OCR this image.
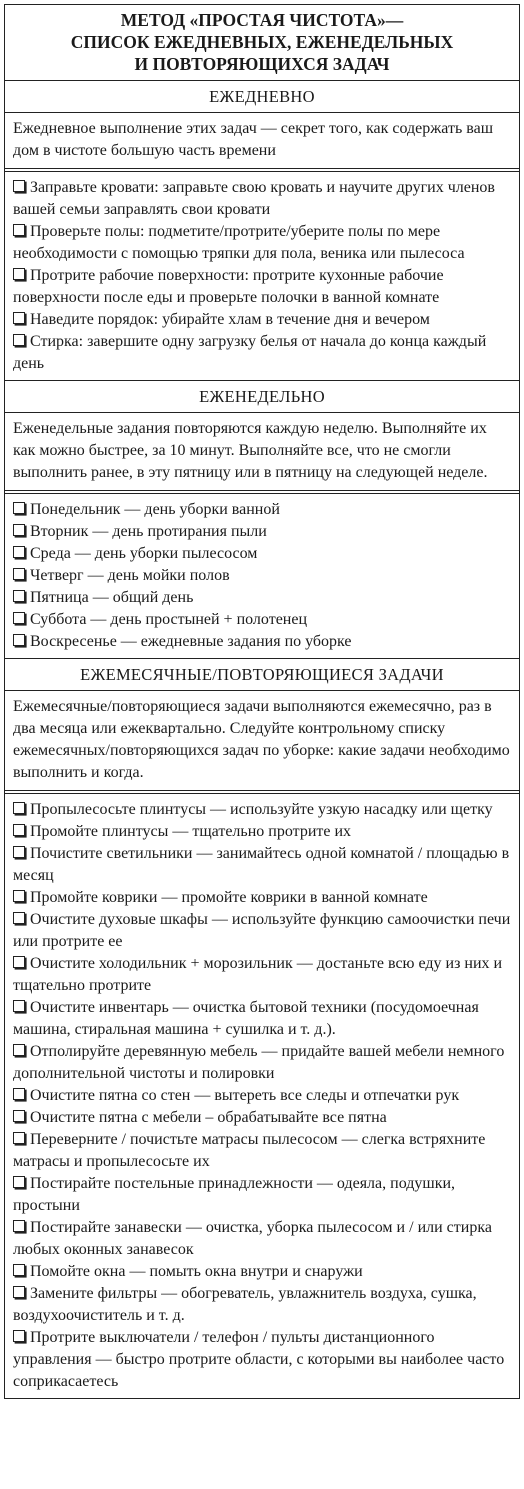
МЕТОД «ПРОСТАЯ ЧИСТОТА»—
СПИСОК ЕЖЕДНЕВНЫХ, ЕЖЕНЕДЕЛЬНЫХ
И ПОВТОРЯЮЩИХСЯ ЗАДАЧ
ЕЖЕДНЕВНО
Ежедневное выполнение этих задач — секрет того, как содержать ваш дом в чистоте большую часть времени
Заправьте кровати: заправьте свою кровать и научите других членов вашей семьи заправлять свои кровати
Проверьте полы: подметите/протрите/уберите полы по мере необходимости с помощью тряпки для пола, веника или пылесоса
Протрите рабочие поверхности: протрите кухонные рабочие поверхности после еды и проверьте полочки в ванной комнате
Наведите порядок: убирайте хлам в течение дня и вечером
Стирка: завершите одну загрузку белья от начала до конца каждый день
ЕЖЕНЕДЕЛЬНО
Еженедельные задания повторяются каждую неделю. Выполняйте их как можно быстрее, за 10 минут. Выполняйте все, что не смогли выполнить ранее, в эту пятницу или в пятницу на следующей неделе.
Понедельник — день уборки ванной
Вторник — день протирания пыли
Среда — день уборки пылесосом
Четверг — день мойки полов
Пятница — общий день
Суббота — день простыней + полотенец
Воскресенье — ежедневные задания по уборке
ЕЖЕМЕСЯЧНЫЕ/ПОВТОРЯЮЩИЕСЯ ЗАДАЧИ
Ежемесячные/повторяющиеся задачи выполняются ежемесячно, раз в два месяца или ежеквартально. Следуйте контрольному списку ежемесячных/повторяющихся задач по уборке: какие задачи необходимо выполнить и когда.
Пропылесосьте плинтусы — используйте узкую насадку или щетку
Промойте плинтусы — тщательно протрите их
Почистите светильники — занимайтесь одной комнатой / площадью в месяц
Промойте коврики — промойте коврики в ванной комнате
Очистите духовые шкафы — используйте функцию самоочистки печи или протрите ее
Очистите холодильник + морозильник — достаньте всю еду из них и тщательно протрите
Очистите инвентарь — очистка бытовой техники (посудомоечная машина, стиральная машина + сушилка и т. д.).
Отполируйте деревянную мебель — придайте вашей мебели немного дополнительной чистоты и полировки
Очистите пятна со стен — вытереть все следы и отпечатки рук
Очистите пятна с мебели – обрабатывайте все пятна
Переверните / почистьте матрасы пылесосом — слегка встряхните матрасы и пропылесосьте их
Постирайте постельные принадлежности — одеяла, подушки, простыни
Постирайте занавески — очистка, уборка пылесосом и / или стирка любых оконных занавесок
Помойте окна — помыть окна внутри и снаружи
Замените фильтры — обогреватель, увлажнитель воздуха, сушка, воздухоочиститель и т. д.
Протрите выключатели / телефон / пульты дистанционного управления — быстро протрите области, с которыми вы наиболее часто соприкасаетесь
